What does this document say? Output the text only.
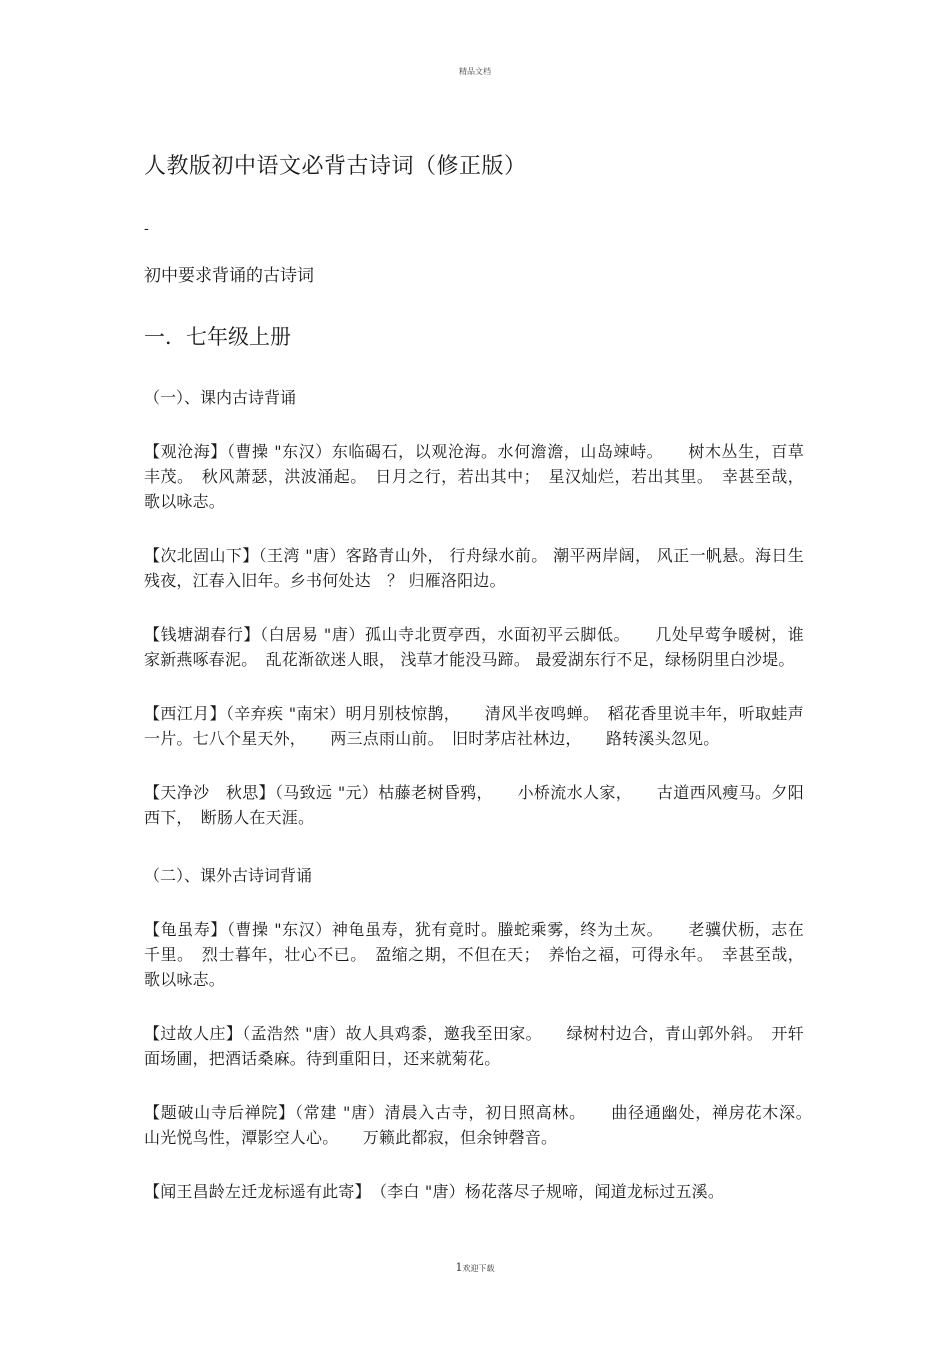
精品文档
人教版初中语文必背古诗词（修正版）
-
初中要求背诵的古诗词
一．七年级上册
（一）、课内古诗背诵
【观沧海】（曹操 "东汉）东临碣石，以观沧海。水何澹澹，山岛竦峙。　　树木丛生，百草丰茂。　秋风萧瑟，洪波涌起。　日月之行，若出其中；　星汉灿烂，若出其里。　幸甚至哉，歌以咏志。
【次北固山下】（王湾 "唐）客路青山外， 行舟绿水前。 潮平两岸阔， 风正一帆悬。海日生残夜，江春入旧年。乡书何处达　？ 归雁洛阳边。
【钱塘湖春行】（白居易 "唐）孤山寺北贾亭西，水面初平云脚低。　　几处早莺争暖树，谁家新燕啄春泥。　乱花渐欲迷人眼， 浅草才能没马蹄。 最爱湖东行不足，绿杨阴里白沙堤。
【西江月】（辛弃疾 "南宋）明月别枝惊鹊，　　清风半夜鸣蝉。　稻花香里说丰年，听取蛙声一片。七八个星天外，　　两三点雨山前。　旧时茅店社林边，　　路转溪头忽见。
【天净沙　秋思】（马致远 "元）枯藤老树昏鸦，　　小桥流水人家，　　古道西风瘦马。夕阳西下，　断肠人在天涯。
（二）、课外古诗词背诵
【龟虽寿】（曹操 "东汉）神龟虽寿，犹有竟时。螣蛇乘雾，终为土灰。　　老骥伏枥，志在千里。　烈士暮年，壮心不已。　盈缩之期，不但在天；　养怡之福，可得永年。　幸甚至哉，歌以咏志。
【过故人庄】（孟浩然 "唐）故人具鸡黍，邀我至田家。　　绿树村边合，青山郭外斜。　开轩面场圃，把酒话桑麻。待到重阳日，还来就菊花。
【题破山寺后禅院】（常建 "唐）清晨入古寺，初日照高林。　　曲径通幽处，禅房花木深。　山光悦鸟性，潭影空人心。　　万籁此都寂，但余钟磬音。
【闻王昌龄左迁龙标遥有此寄】　（李白 "唐）杨花落尽子规啼，闻道龙标过五溪。
1欢迎下载
